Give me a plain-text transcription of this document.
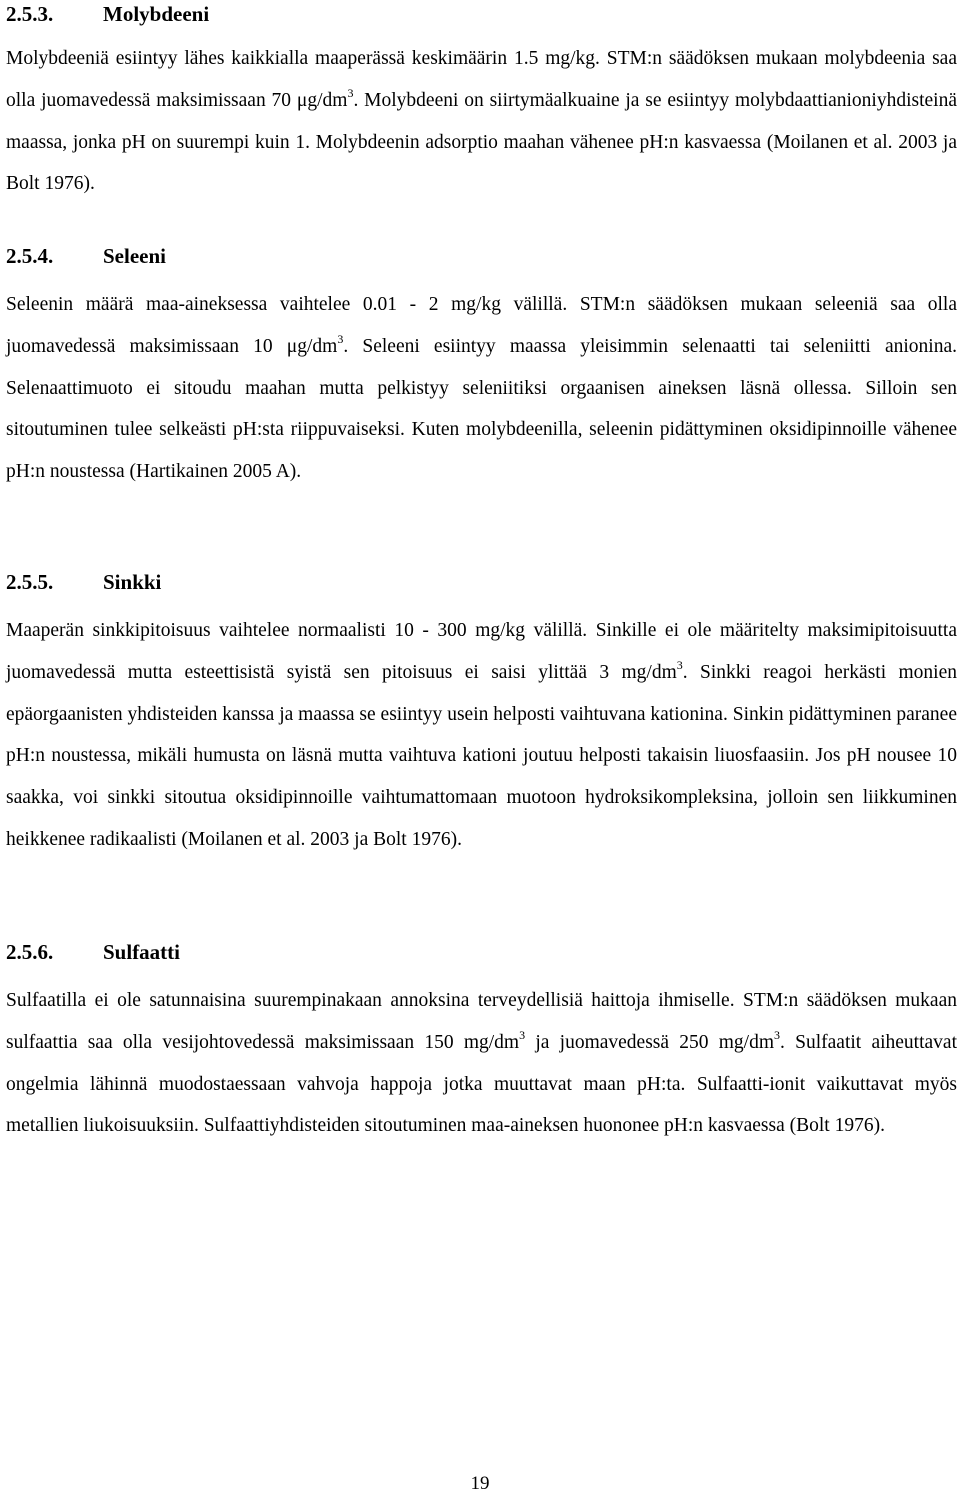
2.5.3.	Molybdeeni

Molybdeeniä esiintyy lähes kaikkialla maaperässä keskimäärin 1.5 mg/kg. STM:n säädöksen mukaan molybdeenia saa olla juomavedessä maksimissaan 70 $\mu g/dm^3$. Molybdeeni on siirtymäalkuaine ja se esiintyy molybdaattianioniyhdisteinä maassa, jonka pH on suurempi kuin 1. Molybdeenin adsorptio maahan vähenee pH:n kasvaessa (Moilanen et al. 2003 ja Bolt 1976).

2.5.4.	Seleeni

Seleenin määrä maa-aineksessa vaihtelee 0.01 - 2 mg/kg välillä. STM:n säädöksen mukaan seleeniä saa olla juomavedessä maksimissaan 10 $\mu g/dm^3$. Seleeni esiintyy maassa yleisimmin selenaatti tai seleniitti anionina. Selenaattimuoto ei sitoudu maahan mutta pelkistyy seleniitiksi orgaanisen aineksen läsnä ollessa. Silloin sen sitoutuminen tulee selkeästi pH:sta riippuvaiseksi. Kuten molybdeenilla, seleenin pidättyminen oksidipinnoille vähenee pH:n noustessa (Hartikainen 2005 A).

2.5.5.	Sinkki

Maaperän sinkkipitoisuus vaihtelee normaalisti 10 - 300 mg/kg välillä. Sinkille ei ole määritelty maksimipitoisuutta juomavedessä mutta esteettisistä syistä sen pitoisuus ei saisi ylittää 3 $mg/dm^3$. Sinkki reagoi herkästi monien epäorgaanisten yhdisteiden kanssa ja maassa se esiintyy usein helposti vaihtuvana kationina. Sinkin pidättyminen paranee pH:n noustessa, mikäli humusta on läsnä mutta vaihtuva kationi joutuu helposti takaisin liuosfaasiin. Jos pH nousee 10 saakka, voi sinkki sitoutua oksidipinnoille vaihtumattomaan muotoon hydroksikompleksina, jolloin sen liikkuminen heikkenee radikaalisti (Moilanen et al. 2003 ja Bolt 1976).

2.5.6.	Sulfaatti

Sulfaatilla ei ole satunnaisina suurempinakaan annoksina terveydellisiä haittoja ihmiselle. STM:n säädöksen mukaan sulfaattia saa olla vesijohtovedessä maksimissaan 150 $mg/dm^3$ ja juomavedessä 250 $mg/dm^3$. Sulfaatit aiheuttavat ongelmia lähinnä muodostaessaan vahvoja happoja jotka muuttavat maan pH:ta. Sulfaatti-ionit vaikuttavat myös metallien liukoisuuksiin. Sulfaattiyhdisteiden sitoutuminen maa-aineksen huononee pH:n kasvaessa (Bolt 1976).

19
